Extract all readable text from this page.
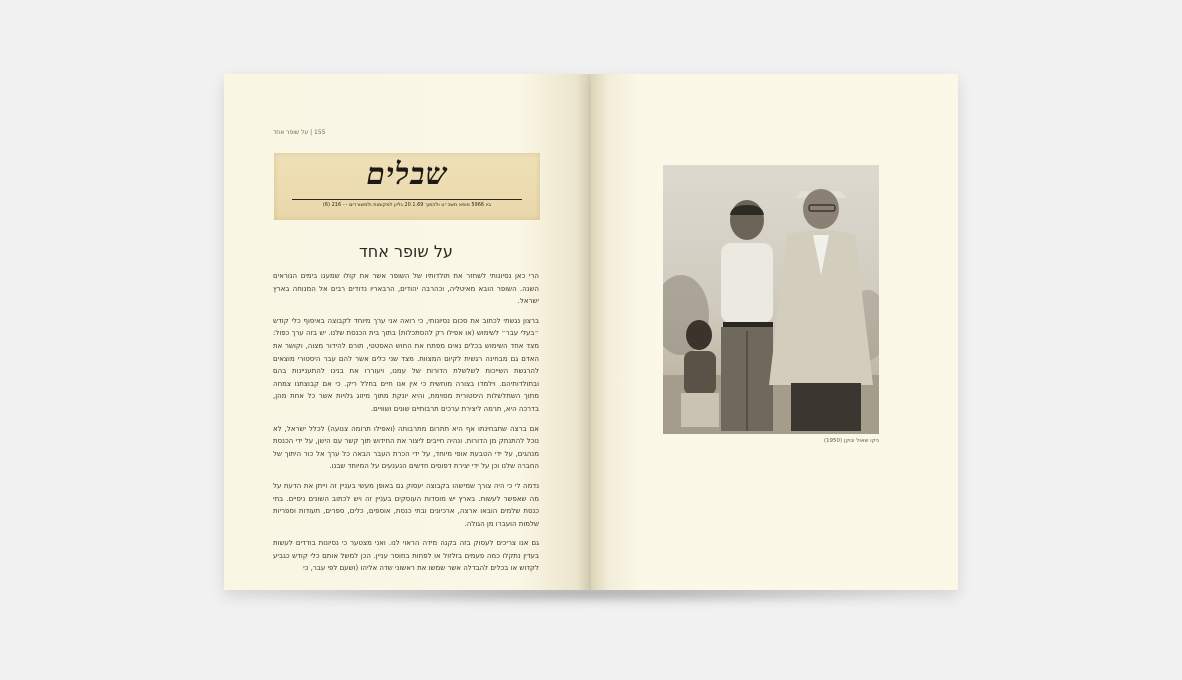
155 | על שופר אחד
שבלים
ביו 5966 פופא תשכ״ט ולהפוך 20.1.69 גליון למקומות ולמשוררים ··· 216 (6)
על שופר אחד

הרי כאן נסיונותי לשחזר את תולדותיו של השופר אשר את קולו שמענו בימים הנוראים השנה. השופר הובא מאיטליה, וכהרבה יהודים, הרבאריו נדודים רבים אל המנוחה בארץ ישראל.

ברצון נגשתי לכתוב את סכום נסיונותי, כי רואה אני ערך מיוחד לקבוצה באיסוף כלי קודש ״בעלי עבר״ לשימוש (או אפילו רק להסתכלות) בתוך בית הכנסת שלנו. יש בזה ערך כפול: מצד אחד השימוש בכלים נאים מפתח את החוש האסטטי, תורם להידור מצוה, וקושר את האדם גם מבחינה רגשית לקיום המצוות. מצד שני כלים אשר להם עבר היסטורי מוצאים להרגשת השייכות לשלשלת הדורות של עמנו, ויעוררו את בנינו להתעניינות בהם ובתולדותיהם. וילמדו בצורה מוחשית כי אין אנו חיים בחלל ריק. כי אם קבוצתנו צמחה מתוך השתלשלות היסטורית מסוימת, והיא יונקת מתוך מיזוג גלויות אשר כל אחת מהן, בדרכה היא, תרמה ליצירת ערכים תרבותיים שונים ושוויים.

אם ברצה שתבחינתו אף היא תתרום מתרבותה (ואפילו תרומה צנועה) לכלל ישראל, לא נוכל להתנתק מן הדורות. ונהיה חייבים ליצור את החידוש תוך קשר עם הישן, על ידי הכנסת מנהגים, על ידי הטבעת אופי מיוחד, על ידי הכרת העבר הבאה כל ערך אל כור היתוך של החברה שלנו וכן על ידי יצירת דפוסים חדשים הנענעים על המיוחד שבנו.

נדמה לי כי היה צורך שמישהו בקבוצה יעסוק גם באופן מעשי בעניין זה וייתן את הדעת על מה שאפשר לעשות. בארץ יש מוסדות העוסקים בעניין זה ויש לכתוב השונים ניסיים. בתי כנסת שלמים הובאו ארצה, ארכיונים ובתי כנסת, אוספים, כלים, ספרים, תעודות וספריות שלמות הועברו מן הגולה.

גם אנו צריכים לעסוק בזה בקנה מידה הראוי לנו. ואני מצטער כי נסיונות בודדים לעשות בעדין נתקלו כמה פעמים בזלזול או לפחות בחוסר עניין. הכן למשל אותם כלי קודש כגביע לקדוש או בכלים להבדלה אשר שמשו את ראשוני שדה אליהו (ושעם לפי עבר, כי

ניקו שאול ונוקן (1950)
